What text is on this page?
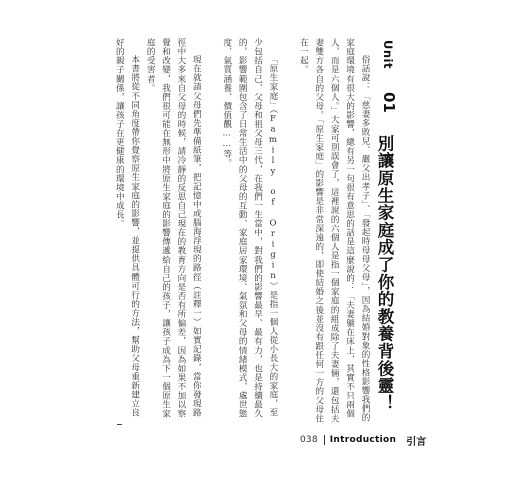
Unit 01 別讓原生家庭成了你的教養背後靈！

俗話說：「慈妻多敗兒、嚴父出孝子」、「發起時母母父母」，因為結婚對象的性格影響我們的家庭環境有很大的影響，總有另一句很有意思的話是這麼說的：「夫妻躺在床上，其實不只兩個人，而是六個人。」大家可別誤會了，這裡說的六個人是指一個家庭的組成除了夫妻倆，還包括夫妻雙方各自的父母。「原生家庭」的影響是非常深遠的，即使結婚之後並沒有跟任何一方的父母住在一起。

「原生家庭」（Family of Origin）是指一個人從小長大的家庭，至少包括自己、父母和祖父母三代，在我們一生當中，對我們的影響最早、最有力，也是持續最久的，影響範圍包含了日常生活中的父母的互動、家庭居家環境、氣氛和父母的情緒模式，處世態度、氣質涵養、價值觀……等。

現在就請父母們先準備紙筆，把記憶中或腦海浮現的路徑（註釋一）如實記錄，當你發現路徑中大多來自父母的時候，請冷靜的反思自己現在的教育方向是否有所偏差，因為如果不加以察覺和改變，我們很可能在無形中將原生家庭的影響傳遞給自己的孩子，讓孩子成為下一個原生家庭的受害者。

本書將從不同角度帶你覺察原生家庭的影響，並提供具體可行的方法，幫助父母重新建立良好的親子關係，讓孩子在更健康的環境中成長。

038 Introduction 引言
